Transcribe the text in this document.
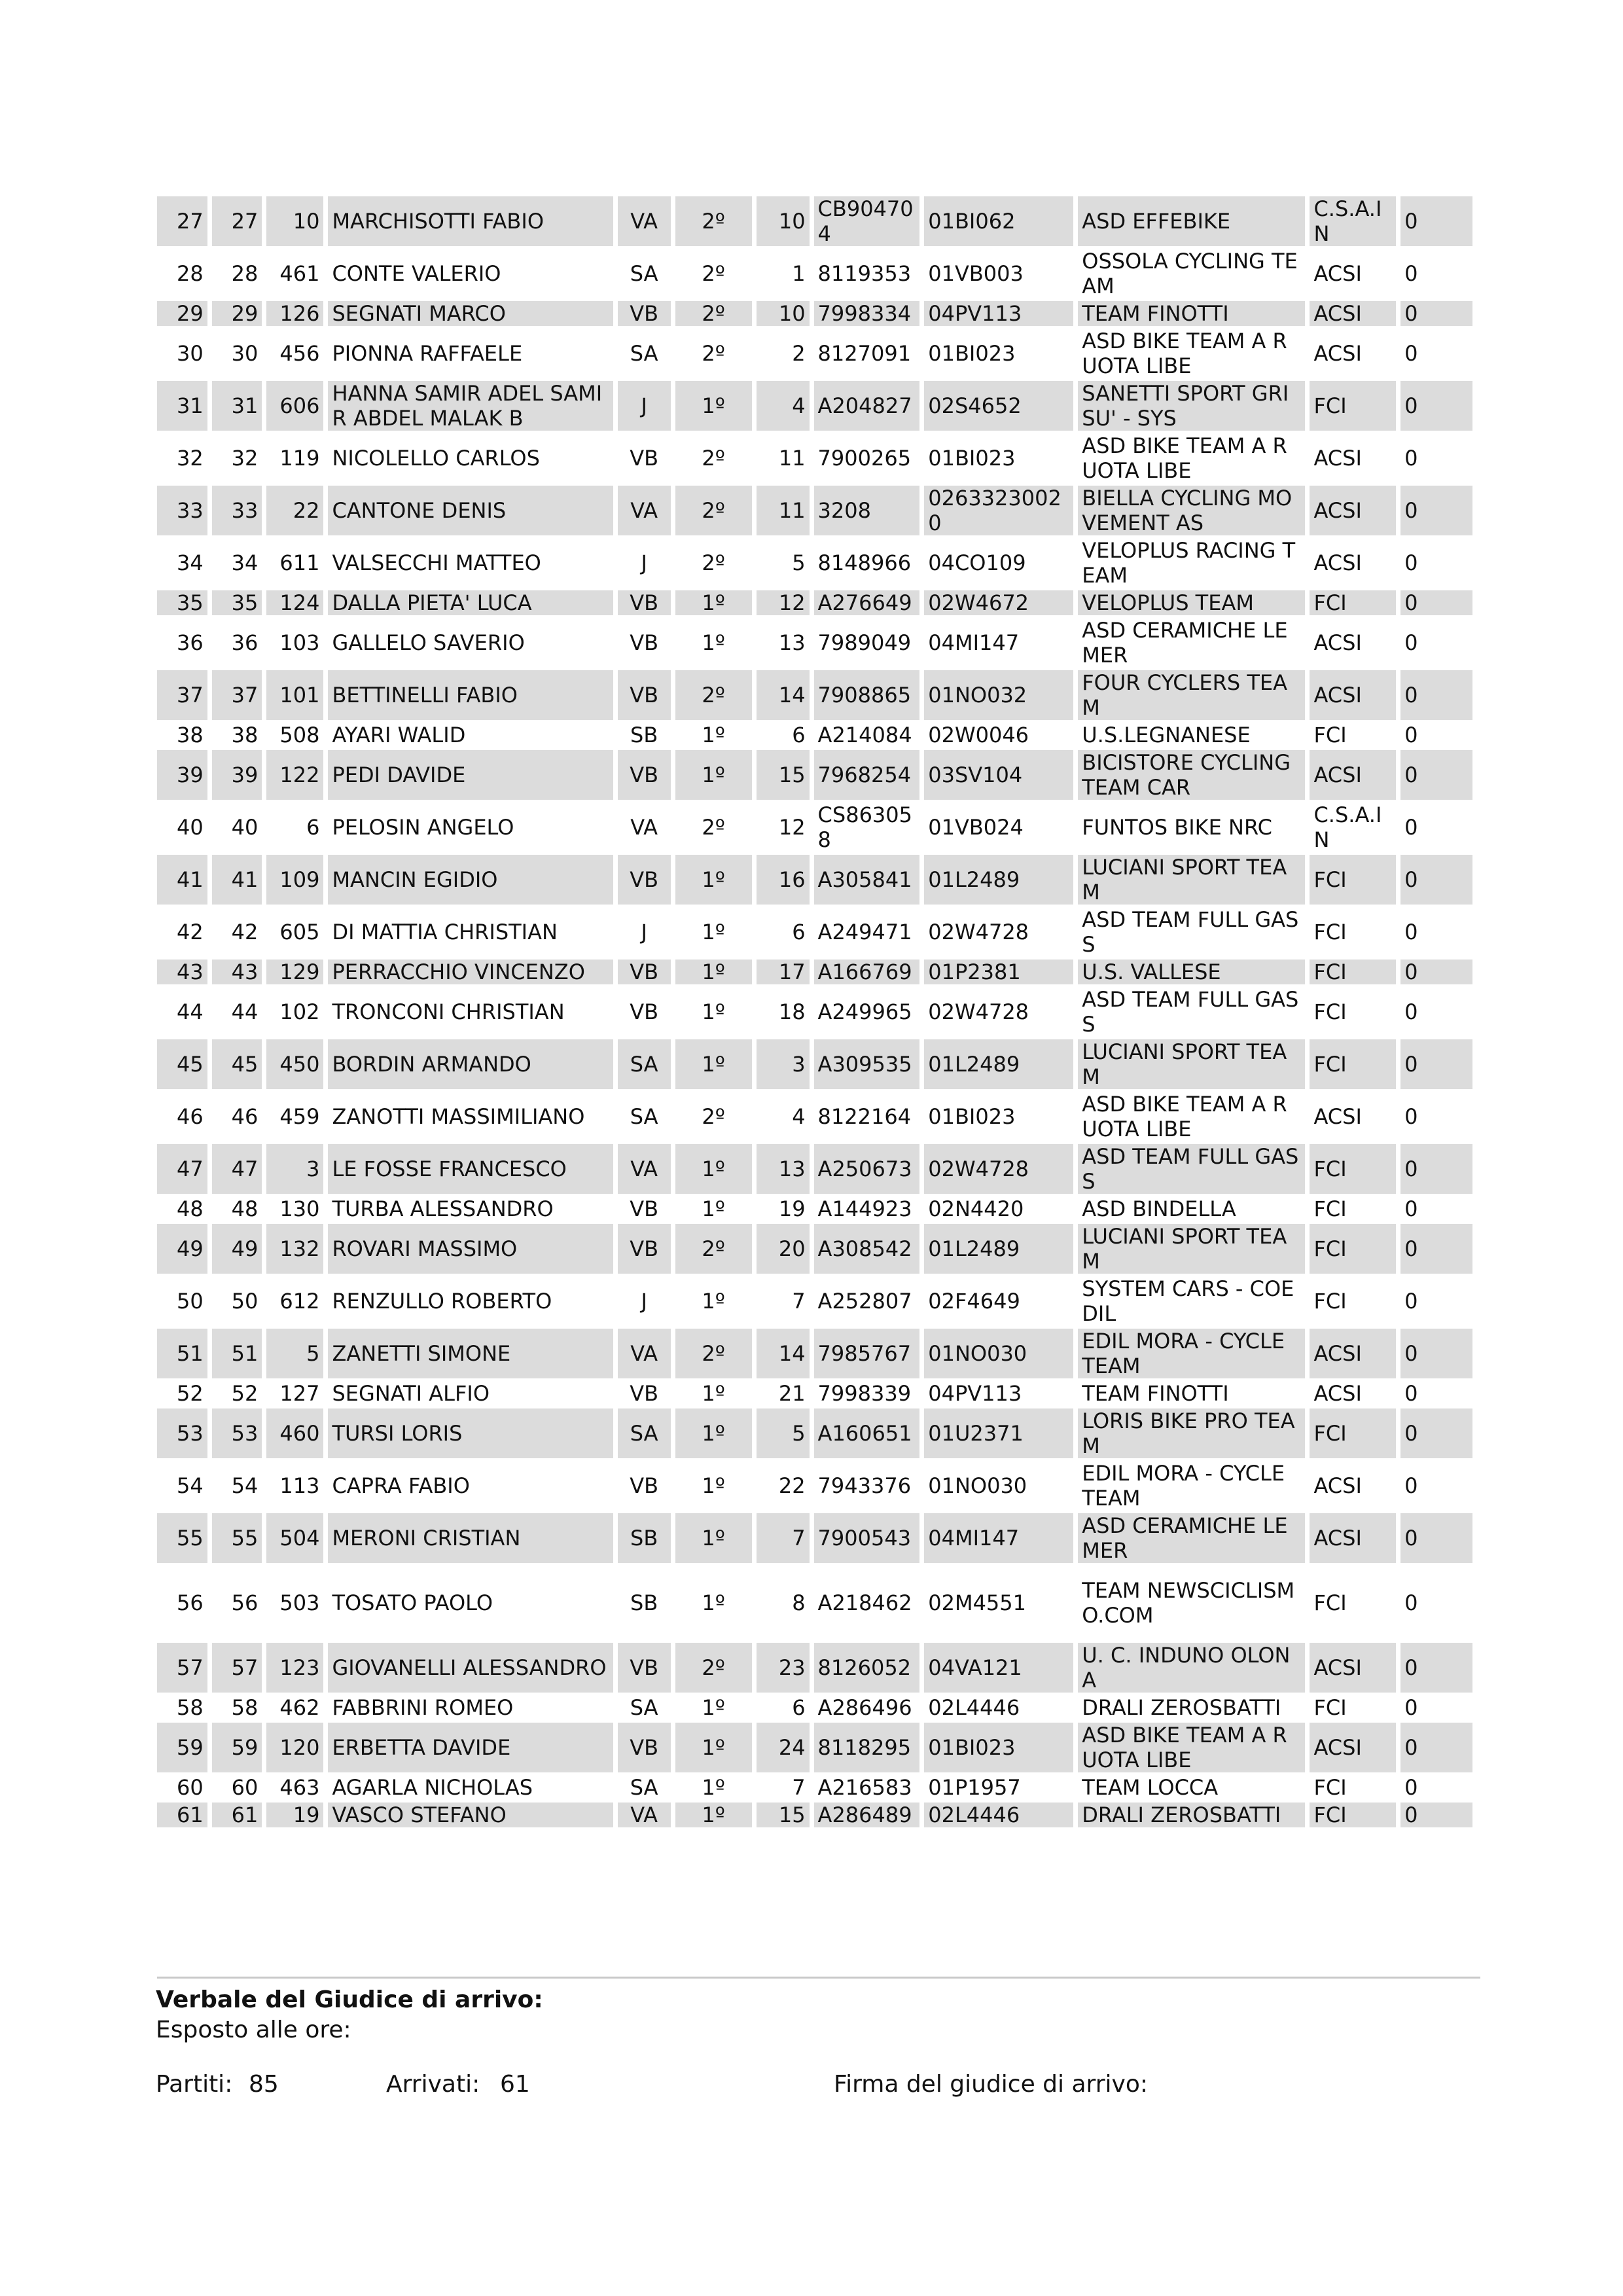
27	27	10	MARCHISOTTI FABIO	VA	2º	10	CB904704	01BI062	ASD EFFEBIKE	C.S.A.IN	0
28	28	461	CONTE VALERIO	SA	2º	1	8119353	01VB003	OSSOLA CYCLING TEAM	ACSI	0
29	29	126	SEGNATI MARCO	VB	2º	10	7998334	04PV113	TEAM FINOTTI	ACSI	0
30	30	456	PIONNA RAFFAELE	SA	2º	2	8127091	01BI023	ASD BIKE TEAM A RUOTA LIBE	ACSI	0
31	31	606	HANNA SAMIR ADEL SAMIR ABDEL MALAK B	J	1º	4	A204827	02S4652	SANETTI SPORT GRISU' - SYS	FCI	0
32	32	119	NICOLELLO CARLOS	VB	2º	11	7900265	01BI023	ASD BIKE TEAM A RUOTA LIBE	ACSI	0
33	33	22	CANTONE DENIS	VA	2º	11	3208	02633230020	BIELLA CYCLING MOVEMENT AS	ACSI	0
34	34	611	VALSECCHI MATTEO	J	2º	5	8148966	04CO109	VELOPLUS RACING TEAM	ACSI	0
35	35	124	DALLA PIETA' LUCA	VB	1º	12	A276649	02W4672	VELOPLUS TEAM	FCI	0
36	36	103	GALLELO SAVERIO	VB	1º	13	7989049	04MI147	ASD CERAMICHE LEMER	ACSI	0
37	37	101	BETTINELLI FABIO	VB	2º	14	7908865	01NO032	FOUR CYCLERS TEAM	ACSI	0
38	38	508	AYARI WALID	SB	1º	6	A214084	02W0046	U.S.LEGNANESE	FCI	0
39	39	122	PEDI DAVIDE	VB	1º	15	7968254	03SV104	BICISTORE CYCLING TEAM CAR	ACSI	0
40	40	6	PELOSIN ANGELO	VA	2º	12	CS863058	01VB024	FUNTOS BIKE NRC	C.S.A.IN	0
41	41	109	MANCIN EGIDIO	VB	1º	16	A305841	01L2489	LUCIANI SPORT TEAM	FCI	0
42	42	605	DI MATTIA CHRISTIAN	J	1º	6	A249471	02W4728	ASD TEAM FULL GASS	FCI	0
43	43	129	PERRACCHIO VINCENZO	VB	1º	17	A166769	01P2381	U.S. VALLESE	FCI	0
44	44	102	TRONCONI CHRISTIAN	VB	1º	18	A249965	02W4728	ASD TEAM FULL GASS	FCI	0
45	45	450	BORDIN ARMANDO	SA	1º	3	A309535	01L2489	LUCIANI SPORT TEAM	FCI	0
46	46	459	ZANOTTI MASSIMILIANO	SA	2º	4	8122164	01BI023	ASD BIKE TEAM A RUOTA LIBE	ACSI	0
47	47	3	LE FOSSE FRANCESCO	VA	1º	13	A250673	02W4728	ASD TEAM FULL GASS	FCI	0
48	48	130	TURBA ALESSANDRO	VB	1º	19	A144923	02N4420	ASD BINDELLA	FCI	0
49	49	132	ROVARI MASSIMO	VB	2º	20	A308542	01L2489	LUCIANI SPORT TEAM	FCI	0
50	50	612	RENZULLO ROBERTO	J	1º	7	A252807	02F4649	SYSTEM CARS - COEDIL	FCI	0
51	51	5	ZANETTI SIMONE	VA	2º	14	7985767	01NO030	EDIL MORA - CYCLE TEAM	ACSI	0
52	52	127	SEGNATI ALFIO	VB	1º	21	7998339	04PV113	TEAM FINOTTI	ACSI	0
53	53	460	TURSI LORIS	SA	1º	5	A160651	01U2371	LORIS BIKE PRO TEAM	FCI	0
54	54	113	CAPRA FABIO	VB	1º	22	7943376	01NO030	EDIL MORA - CYCLE TEAM	ACSI	0
55	55	504	MERONI CRISTIAN	SB	1º	7	7900543	04MI147	ASD CERAMICHE LEMER	ACSI	0
56	56	503	TOSATO PAOLO	SB	1º	8	A218462	02M4551	TEAM NEWSCICLISMO.COM	FCI	0
57	57	123	GIOVANELLI ALESSANDRO	VB	2º	23	8126052	04VA121	U. C. INDUNO OLONA	ACSI	0
58	58	462	FABBRINI ROMEO	SA	1º	6	A286496	02L4446	DRALI ZEROSBATTI	FCI	0
59	59	120	ERBETTA DAVIDE	VB	1º	24	8118295	01BI023	ASD BIKE TEAM A RUOTA LIBE	ACSI	0
60	60	463	AGARLA NICHOLAS	SA	1º	7	A216583	01P1957	TEAM LOCCA	FCI	0
61	61	19	VASCO STEFANO	VA	1º	15	A286489	02L4446	DRALI ZEROSBATTI	FCI	0
Verbale del Giudice di arrivo:
Esposto alle ore:
Partiti: 85	Arrivati: 61	Firma del giudice di arrivo:
